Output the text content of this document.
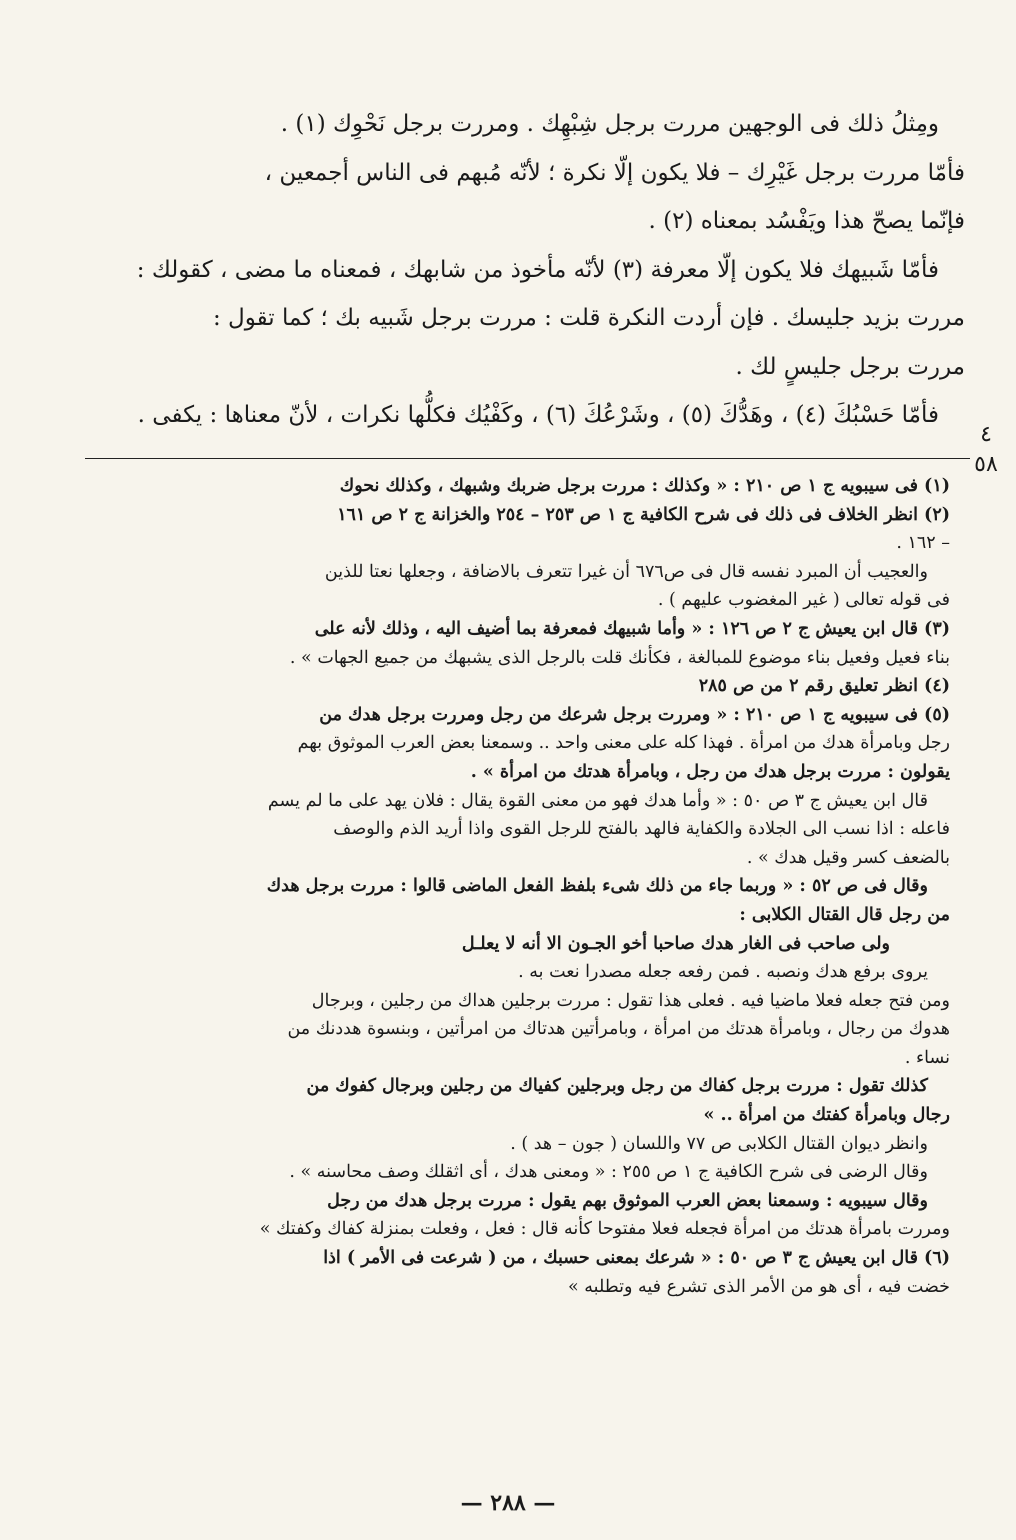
ومِثلُ ذلك فى الوجهين مررت برجل شِبْهِك . ومررت برجل نَحْوِك (١) .

فأمّا مررت برجل غَيْرِك – فلا يكون إلّا نكرة ؛ لأنّه مُبهم فى الناس أجمعين ،

فإنّما يصحّ هذا ويَفْسُد بمعناه (٢) .

فأمّا شَبيهك فلا يكون إلّا معرفة (٣) لأنّه مأخوذ من شابهك ، فمعناه ما مضى ، كقولك :

مررت بزيد جليسك . فإن أردت النكرة قلت : مررت برجل شَبيه بك ؛ كما تقول :

مررت برجل جليسٍ لك .

فأمّا حَسْبُكَ (٤) ، وهَدُّكَ (٥) ، وشَرْعُكَ (٦) ، وكَفْيُك فكلُّها نكرات ، لأنّ معناها : يكفى .

٤
٥٨

(١) فى سيبويه ج ١ ص ٢١٠ : « وكذلك : مررت برجل ضربك وشبهك ، وكذلك نحوك

(٢) انظر الخلاف فى ذلك فى شرح الكافية ج ١ ص ٢٥٣ – ٢٥٤ والخزانة ج ٢ ص ١٦١

– ١٦٢ .

والعجيب أن المبرد نفسه قال فى ص٦٧٦ أن غيرا تتعرف بالاضافة ، وجعلها نعتا للذين

فى قوله تعالى ( غير المغضوب عليهم ) .

(٣) قال ابن يعيش ج ٢ ص ١٢٦ : « وأما شبيهك فمعرفة بما أضيف اليه ، وذلك لأنه على

بناء فعيل وفعيل بناء موضوع للمبالغة ، فكأنك قلت بالرجل الذى يشبهك من جميع الجهات » .

(٤) انظر تعليق رقم ٢ من ص ٢٨٥

(٥) فى سيبويه ج ١ ص ٢١٠ : « ومررت برجل شرعك من رجل ومررت برجل هدك من

رجل وبامرأة هدك من امرأة . فهذا كله على معنى واحد .. وسمعنا بعض العرب الموثوق بهم

يقولون : مررت برجل هدك من رجل ، وبامرأة هدتك من امرأة » .

قال ابن يعيش ج ٣ ص ٥٠ : « وأما هدك فهو من معنى القوة يقال : فلان يهد على ما لم يسم

فاعله : اذا نسب الى الجلادة والكفاية فالهد بالفتح للرجل القوى واذا أريد الذم والوصف

بالضعف كسر وقيل هدك » .

وقال فى ص ٥٢ : « وربما جاء من ذلك شىء بلفظ الفعل الماضى قالوا : مررت برجل هدك

من رجل قال القتال الكلابى :

ولى صاحب فى الغار هدك صاحبا أخو الجـون الا أنه لا يعلـل

يروى برفع هدك ونصبه . فمن رفعه جعله مصدرا نعت به .

ومن فتح جعله فعلا ماضيا فيه . فعلى هذا تقول : مررت برجلين هداك من رجلين ، وبرجال

هدوك من رجال ، وبامرأة هدتك من امرأة ، وبامرأتين هدتاك من امرأتين ، وبنسوة هددنك من

نساء .

كذلك تقول : مررت برجل كفاك من رجل وبرجلين كفياك من رجلين وبرجال كفوك من

رجال وبامرأة كفتك من امرأة .. »

وانظر ديوان القتال الكلابى ص ٧٧ واللسان ( جون – هد ) .

وقال الرضى فى شرح الكافية ج ١ ص ٢٥٥ : « ومعنى هدك ، أى اثقلك وصف محاسنه » .

وقال سيبويه : وسمعنا بعض العرب الموثوق بهم يقول : مررت برجل هدك من رجل

ومررت بامرأة هدتك من امرأة فجعله فعلا مفتوحا كأنه قال : فعل ، وفعلت بمنزلة كفاك وكفتك »

(٦) قال ابن يعيش ج ٣ ص ٥٠ : « شرعك بمعنى حسبك ، من ( شرعت فى الأمر ) اذا

خضت فيه ، أى هو من الأمر الذى تشرع فيه وتطلبه »

— ٢٨٨ —
